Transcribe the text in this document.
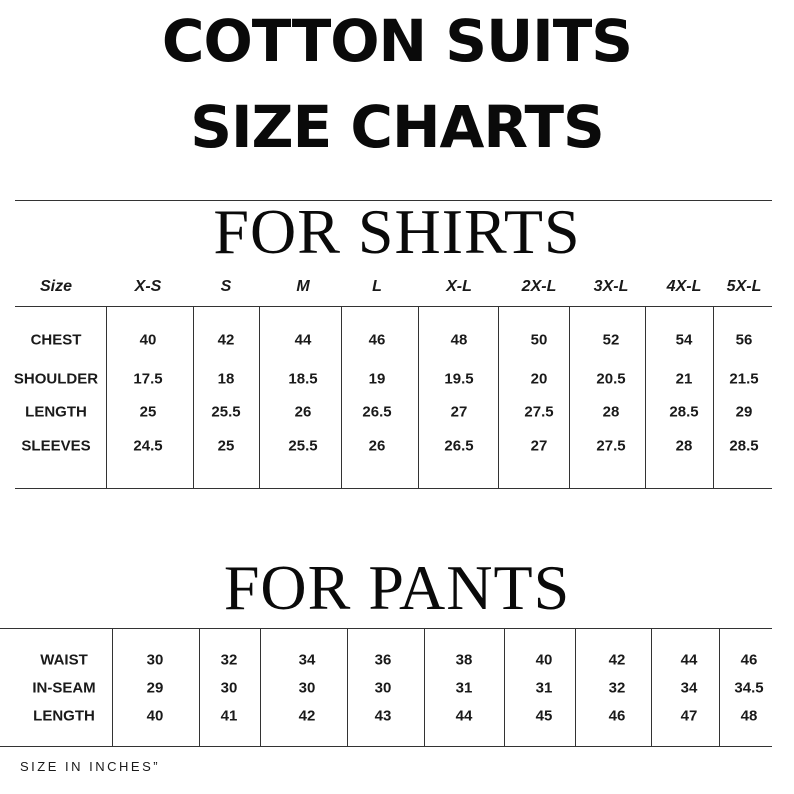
COTTON SUITS
SIZE CHARTS
FOR SHIRTS
Size	X-S	S	M	L	X-L	2X-L 3X-L 4X-L 5X-L
CHEST	40	42	44	46	48	50	52	54	56
SHOULDER 17.5	18	18.5	19	19.5	20	20.5	21 21.5
LENGTH	25	25.5	26	26.5	27	27.5	28	28.5 29
SLEEVES	24.5	25	25.5	26	26.5	27	27.5	28 28.5
FOR PANTS
WAIST	30	32	34	36	38	40	42	44	46
IN-SEAM	29	30	30	30	31	31	32	34 34.5
LENGTH	40	41	42	43	44	45	46	47	48
SIZE IN INCHES”
